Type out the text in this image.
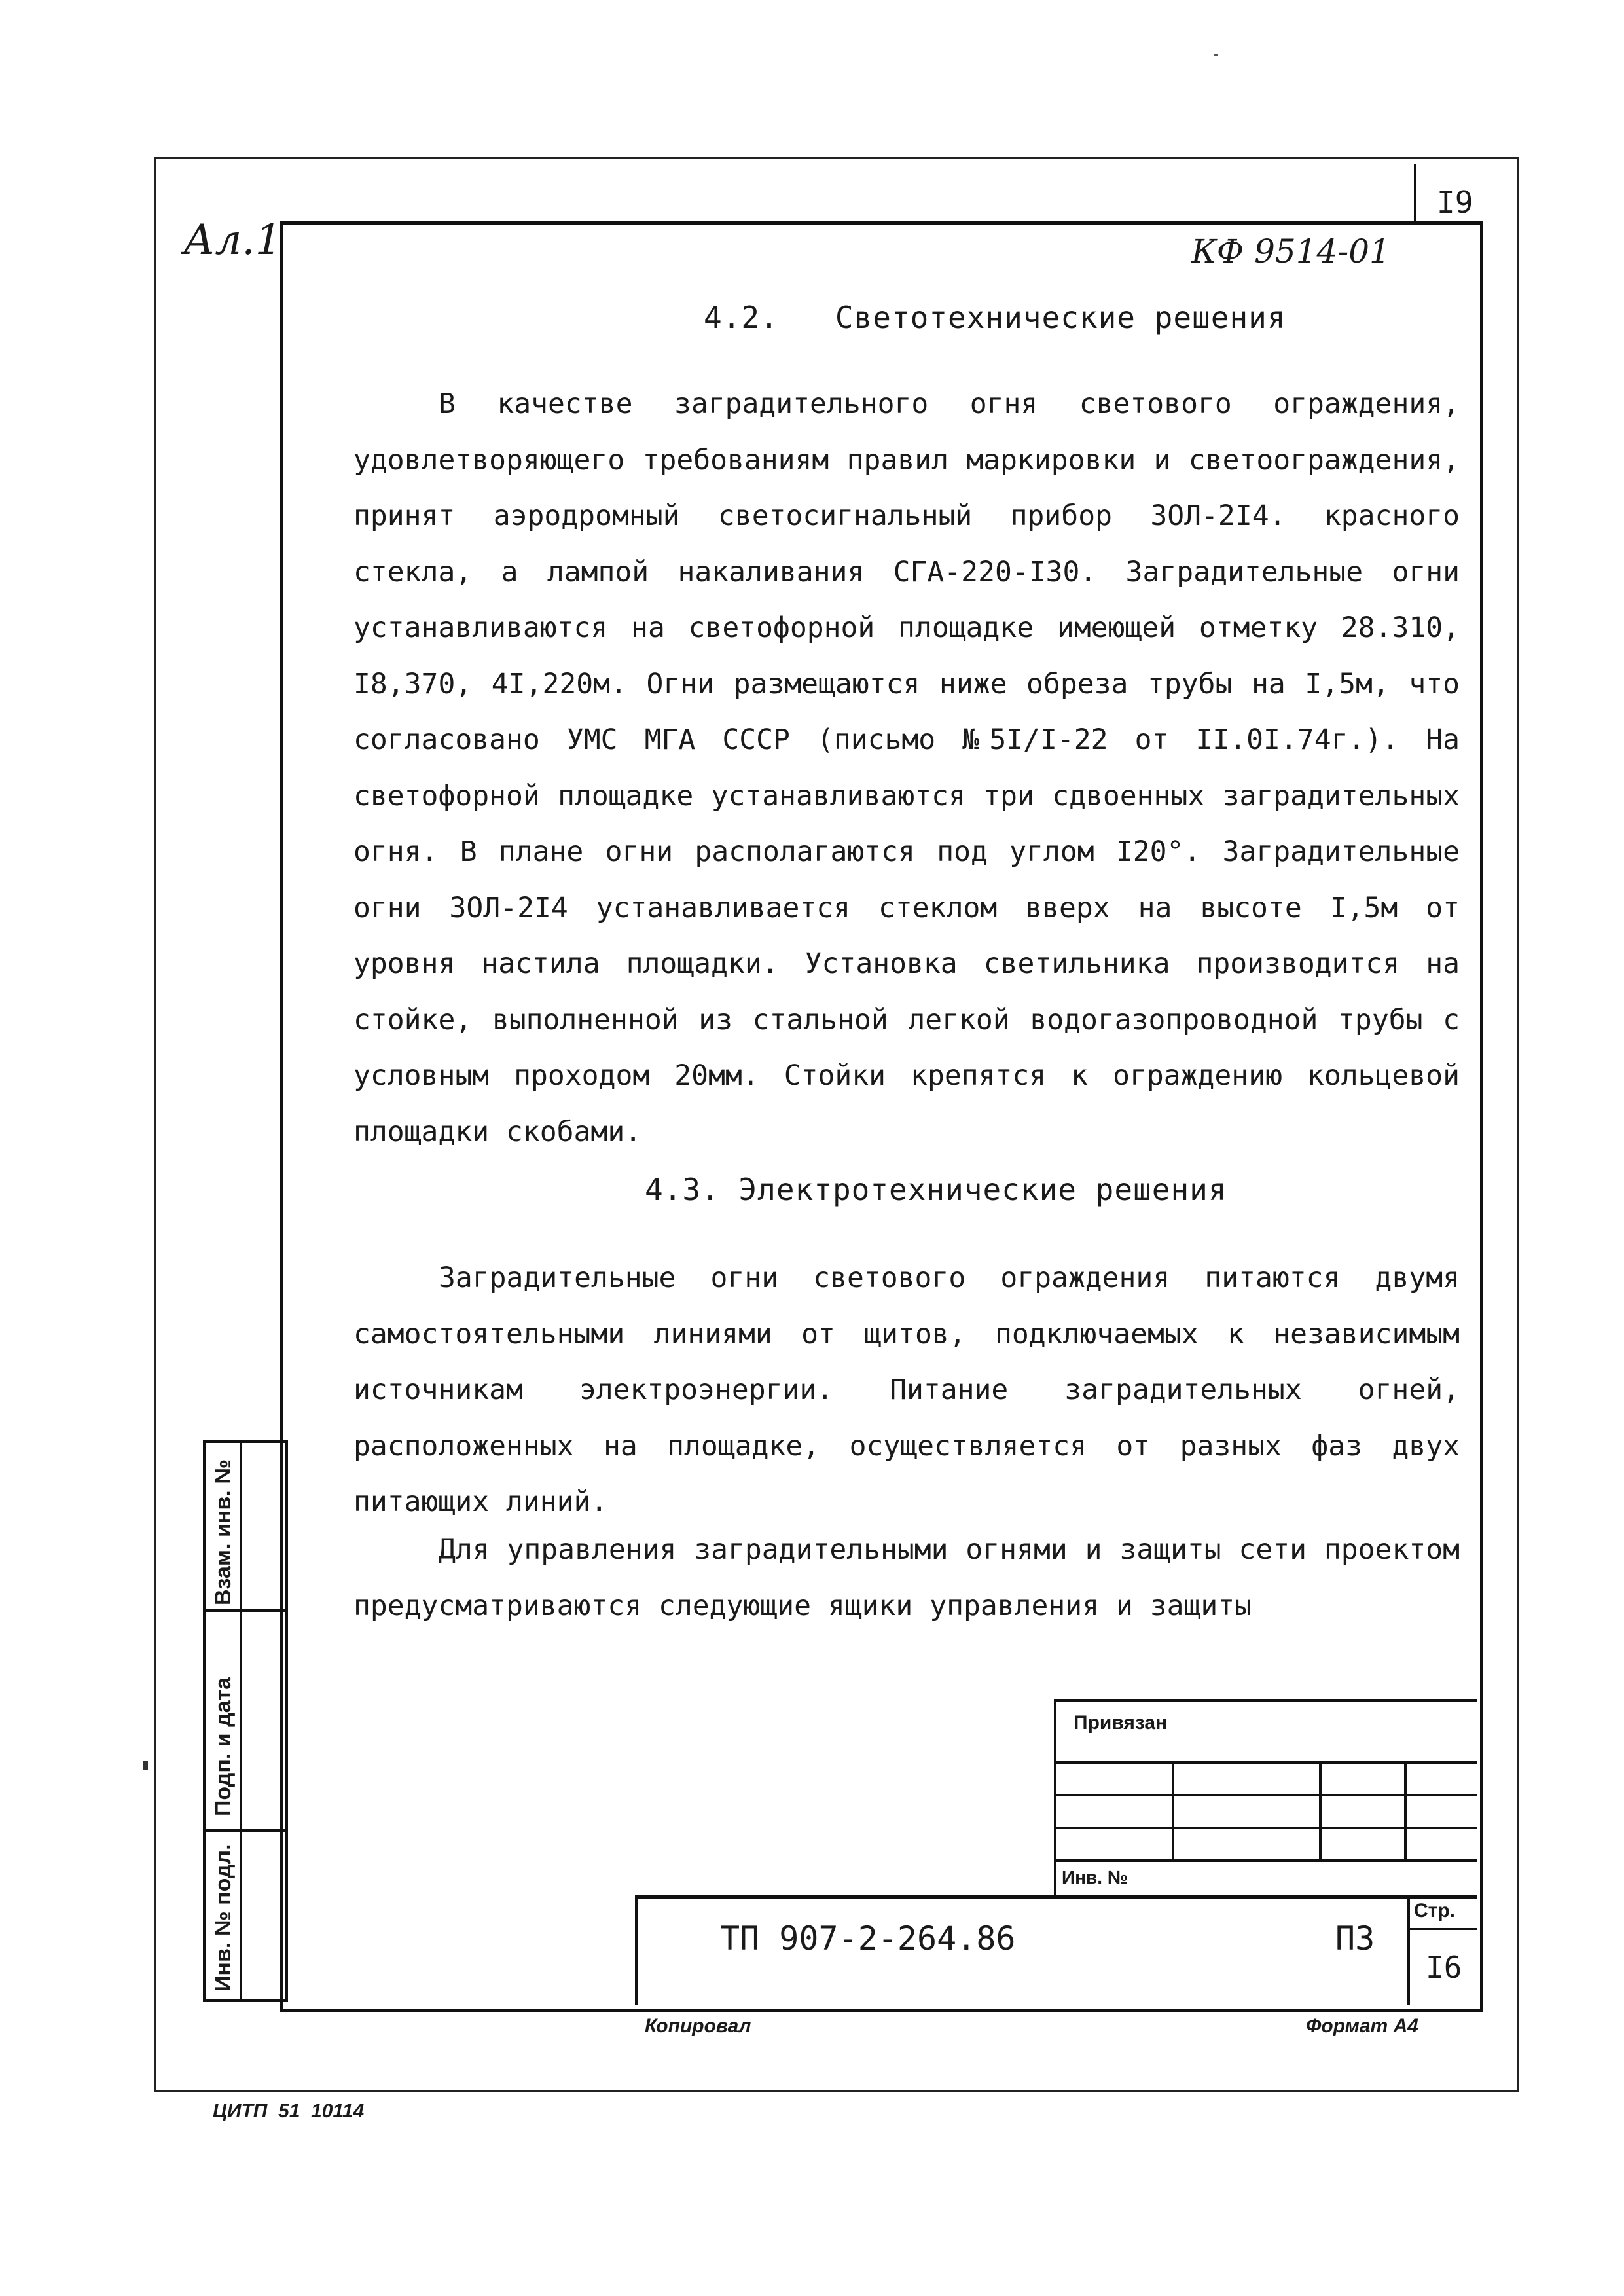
I9
Ал.1	КФ 9514-01
4.2.   Светотехнические решения

В качестве заградительного огня светового ограждения, удовлетворяющего требованиям правил маркировки и светоограждения, принят аэродромный светосигнальный прибор ЗОЛ-2I4. красного стекла, а лампой накаливания СГА-220-I30. Заградительные огни устанавливаются на светофорной площадке имеющей отметку 28.310, I8,370, 4I,220м. Огни размещаются ниже обреза трубы на I,5м, что согласовано УМС МГА СССР (письмо №5I/I-22 от II.0I.74г.). На светофорной площадке устанавливаются три сдвоенных заградительных огня. В плане огни располагаются под углом I20°. Заградительные огни ЗОЛ-2I4 устанавливается стеклом вверх на высоте I,5м от уровня настила площадки. Установка светильника производится на стойке, выполненной из стальной легкой водогазопроводной трубы с условным проходом 20мм. Стойки крепятся к ограждению кольцевой площадки скобами.

4.3. Электротехнические решения

Заградительные огни светового ограждения питаются двумя самостоятельными линиями от щитов, подключаемых к независимым источникам электроэнергии. Питание заградительных огней, расположенных на площадке, осуществляется от разных фаз двух питающих линий.

Для управления заградительными огнями и защиты сети проектом предусматриваются следующие ящики управления и защиты

Взам. инв. №
Подп. и дата
Инв. № подл.
Привязан
Инв. №
ТП 907-2-264.86	ПЗ
Стр.
I6
Копировал	Формат А4
ЦИТП  51  10114
